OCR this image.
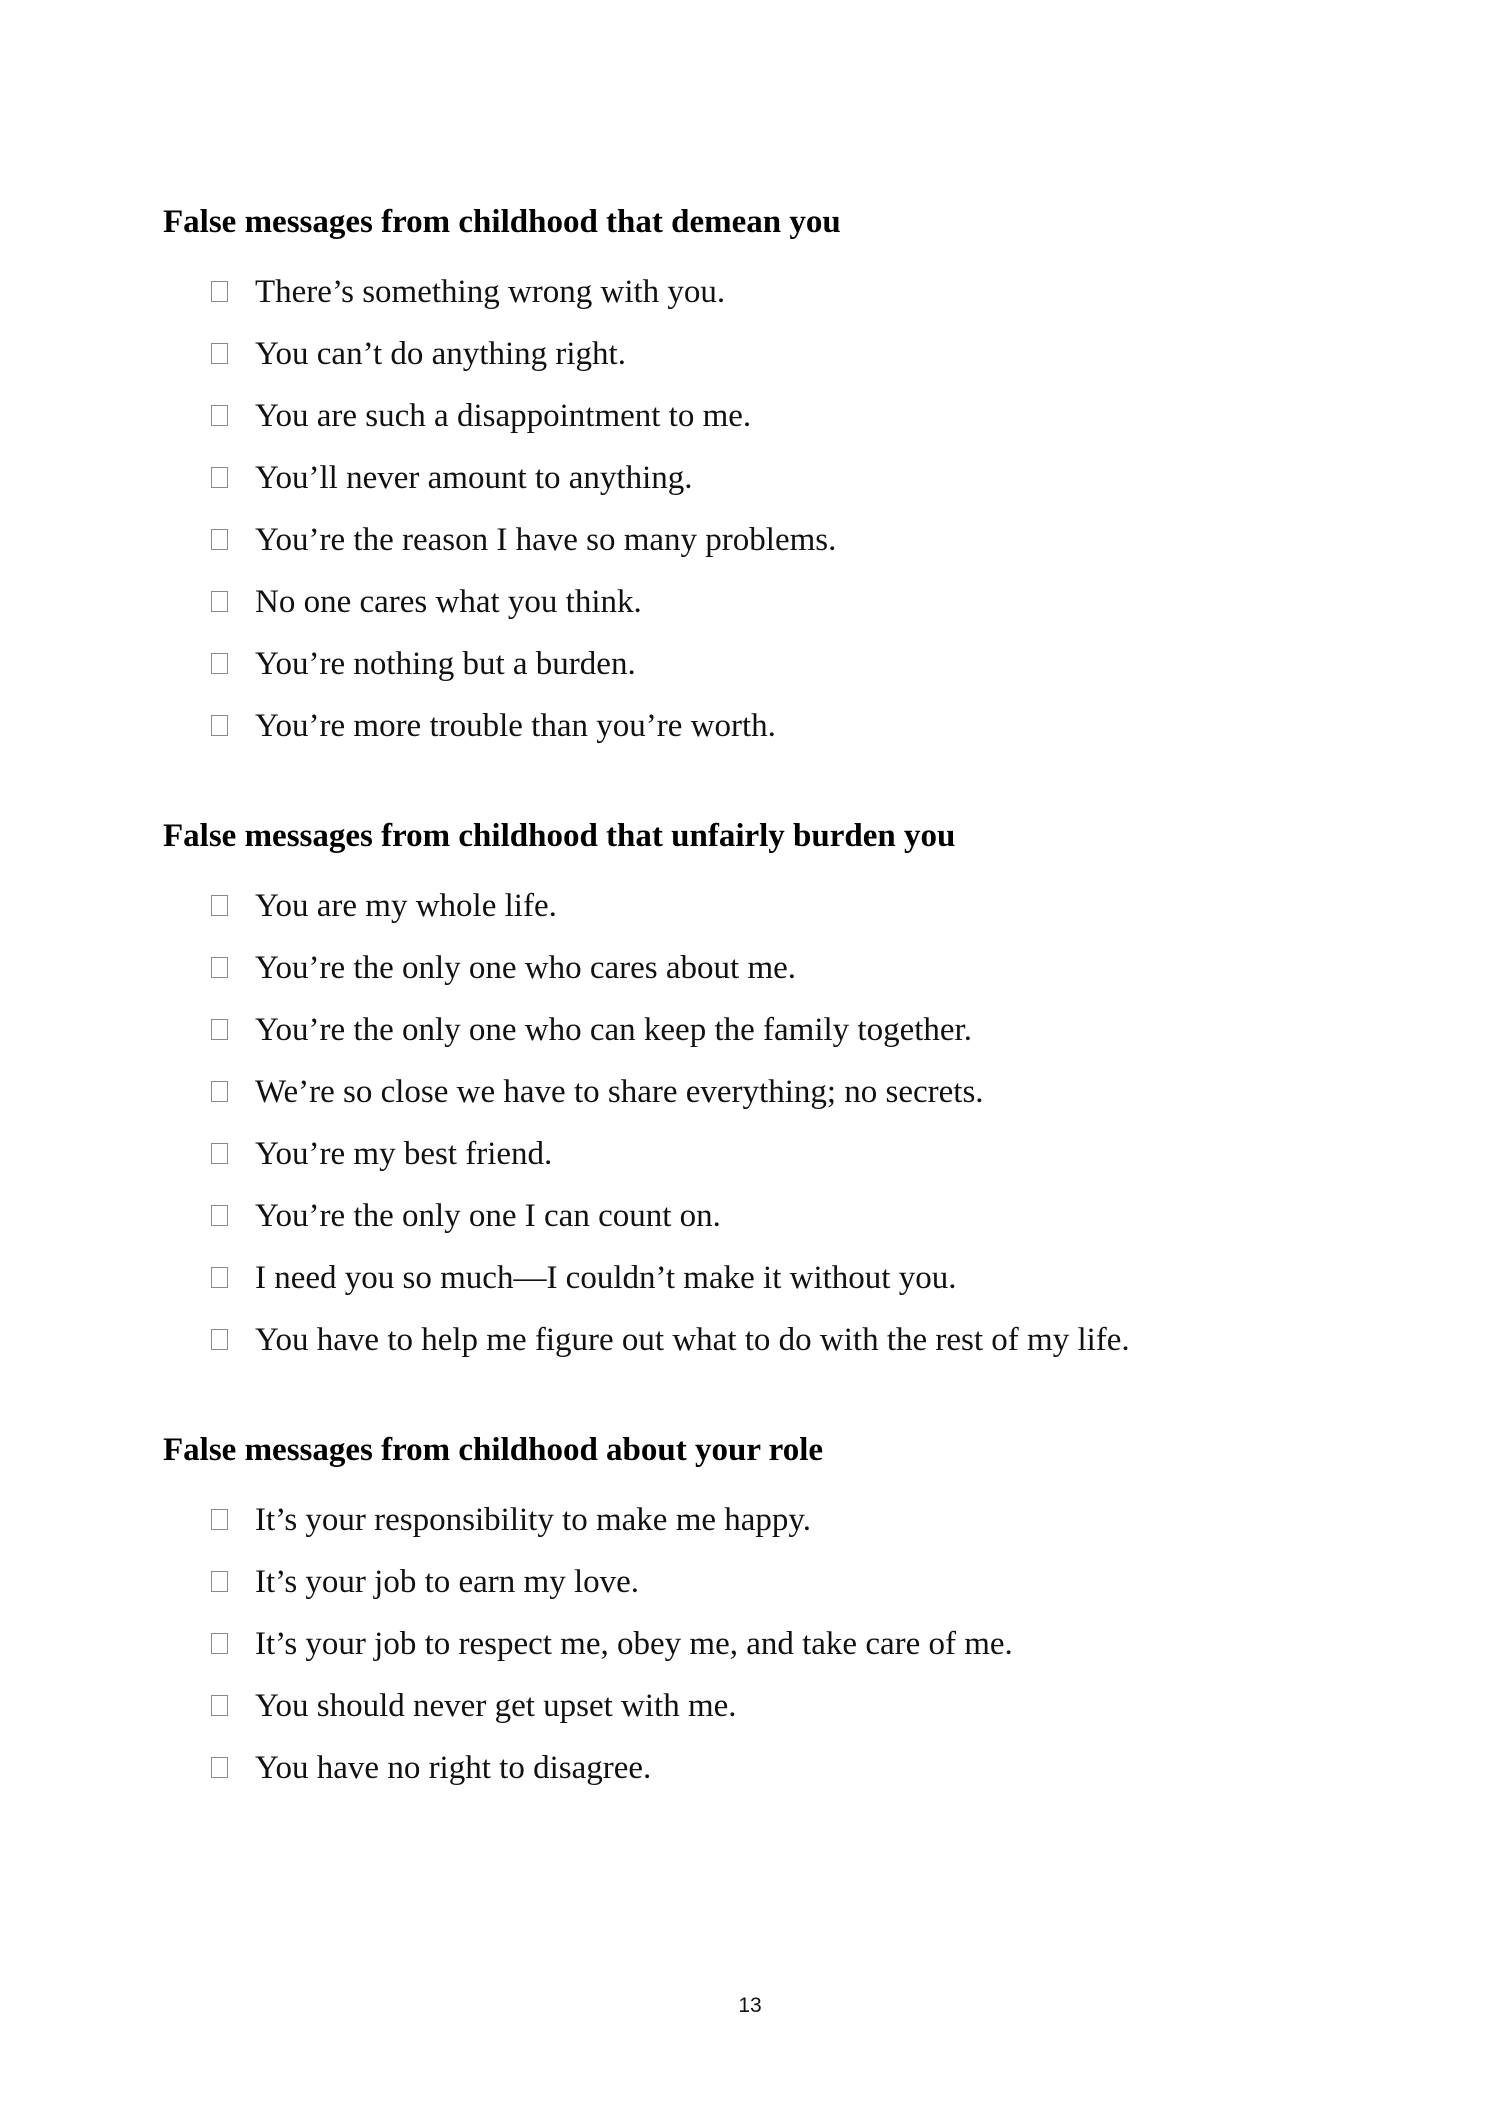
False messages from childhood that demean you
There’s something wrong with you.
You can’t do anything right.
You are such a disappointment to me.
You’ll never amount to anything.
You’re the reason I have so many problems.
No one cares what you think.
You’re nothing but a burden.
You’re more trouble than you’re worth.
False messages from childhood that unfairly burden you
You are my whole life.
You’re the only one who cares about me.
You’re the only one who can keep the family together.
We’re so close we have to share everything; no secrets.
You’re my best friend.
You’re the only one I can count on.
I need you so much—I couldn’t make it without you.
You have to help me figure out what to do with the rest of my life.
False messages from childhood about your role
It’s your responsibility to make me happy.
It’s your job to earn my love.
It’s your job to respect me, obey me, and take care of me.
You should never get upset with me.
You have no right to disagree.
13
